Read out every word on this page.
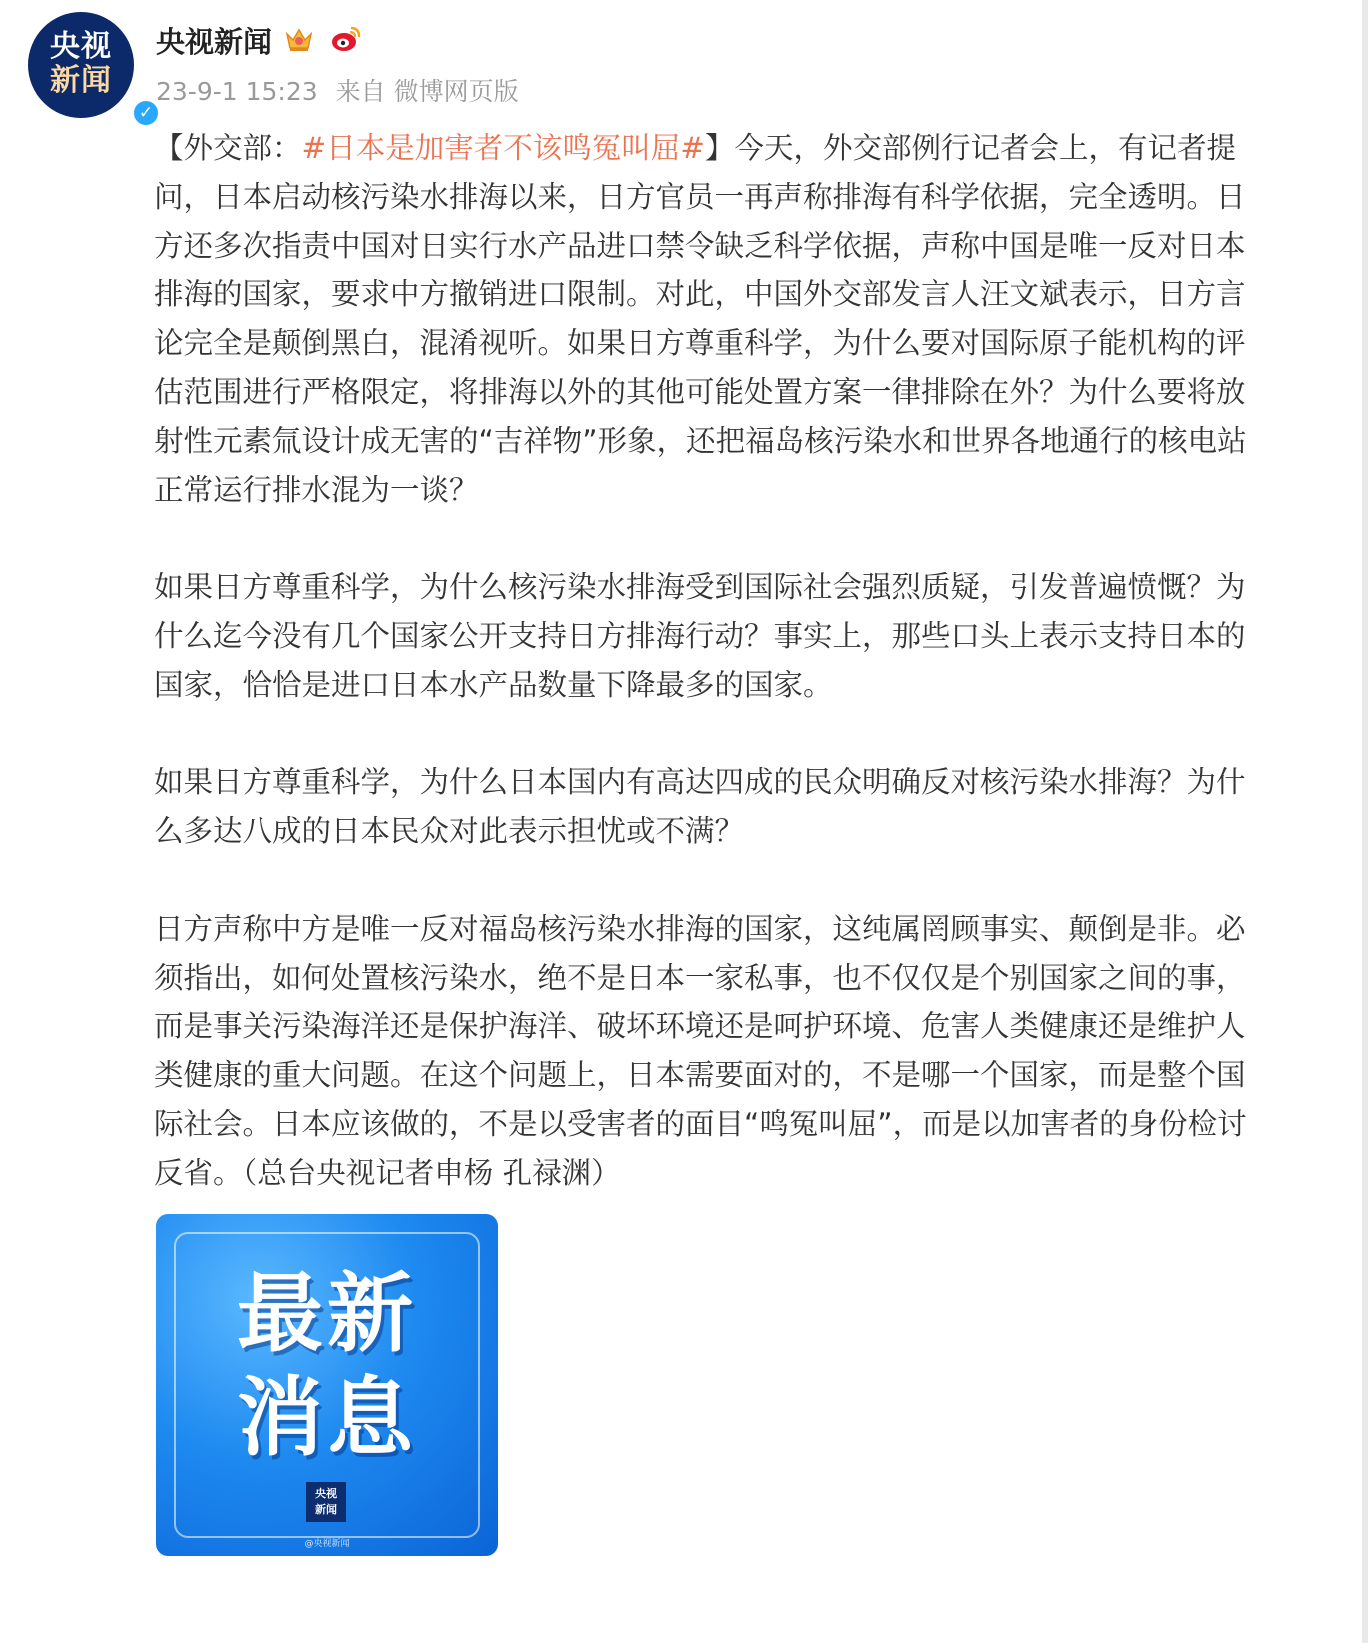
央视
新闻
✓
央视新闻
23-9-1 15:23 来自 微博网页版

【外交部：#日本是加害者不该鸣冤叫屈#】今天，外交部例行记者会上，有记者提问，日本启动核污染水排海以来，日方官员一再声称排海有科学依据，完全透明。日方还多次指责中国对日实行水产品进口禁令缺乏科学依据，声称中国是唯一反对日本排海的国家，要求中方撤销进口限制。对此，中国外交部发言人汪文斌表示，日方言论完全是颠倒黑白，混淆视听。如果日方尊重科学，为什么要对国际原子能机构的评估范围进行严格限定，将排海以外的其他可能处置方案一律排除在外？为什么要将放射性元素氚设计成无害的“吉祥物”形象，还把福岛核污染水和世界各地通行的核电站正常运行排水混为一谈？

如果日方尊重科学，为什么核污染水排海受到国际社会强烈质疑，引发普遍愤慨？为什么迄今没有几个国家公开支持日方排海行动？事实上，那些口头上表示支持日本的国家，恰恰是进口日本水产品数量下降最多的国家。

如果日方尊重科学，为什么日本国内有高达四成的民众明确反对核污染水排海？为什么多达八成的日本民众对此表示担忧或不满？

日方声称中方是唯一反对福岛核污染水排海的国家，这纯属罔顾事实、颠倒是非。必须指出，如何处置核污染水，绝不是日本一家私事，也不仅仅是个别国家之间的事，而是事关污染海洋还是保护海洋、破坏环境还是呵护环境、危害人类健康还是维护人类健康的重大问题。在这个问题上，日本需要面对的，不是哪一个国家，而是整个国际社会。日本应该做的，不是以受害者的面目“鸣冤叫屈”，而是以加害者的身份检讨反省。（总台央视记者申杨 孔禄渊）

最新
消息
央视
新闻
@央视新闻
